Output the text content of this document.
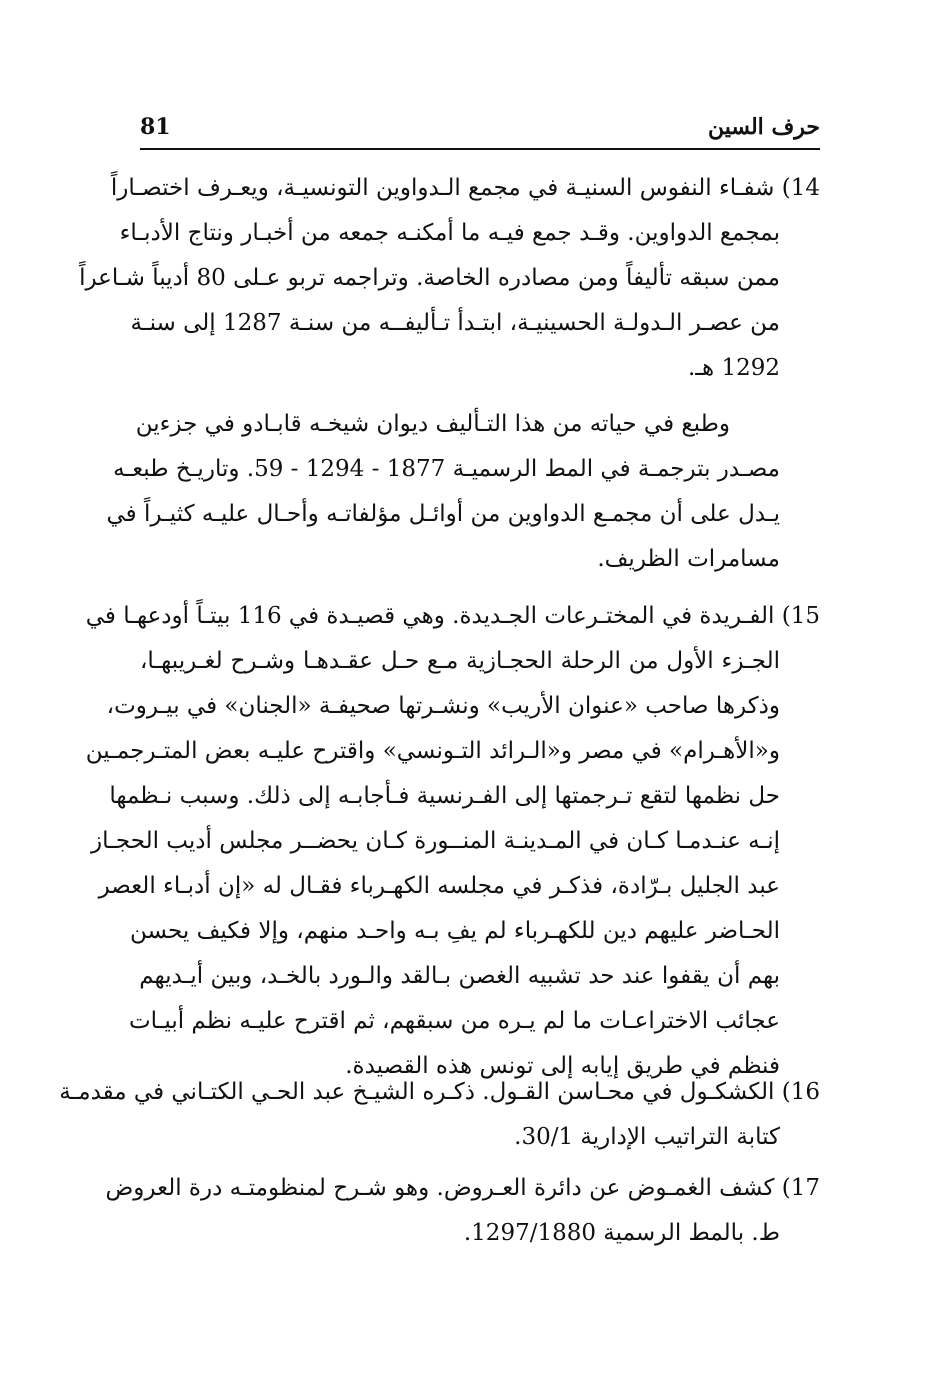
81	حرف السين
14) شفـاء النفوس السنيـة في مجمع الـدواوين التونسيـة، ويعـرف اختصـاراً
بمجمع الدواوين. وقـد جمع فيـه ما أمكنـه جمعه من أخبـار ونتاج الأدبـاء
ممن سبقه تأليفاً ومن مصادره الخاصة. وتراجمه تربو عـلى 80 أديباً شـاعراً
من عصـر الـدولـة الحسينيـة، ابتـدأ تـأليفــه من سنـة 1287 إلى سنـة
1292 هـ.
وطبع في حياته من هذا التـأليف ديوان شيخـه قابـادو في جزءين
مصـدر بترجمـة في المط الرسميـة 1877 - 1294 - 59. وتاريـخ طبعـه
يـدل على أن مجمـع الدواوين من أوائـل مؤلفاتـه وأحـال عليـه كثيـراً في
مسامرات الظريف.
15) الفـريدة في المختـرعات الجـديدة. وهي قصيـدة في 116 بيتـاً أودعهـا في
الجـزء الأول من الرحلة الحجـازية مـع حـل عقـدهـا وشـرح لغـريبهـا،
وذكرها صاحب «عنوان الأريب» ونشـرتها صحيفـة «الجنان» في بيـروت،
و«الأهـرام» في مصر و«الـرائد التـونسي» واقترح عليـه بعض المتـرجمـين
حل نظمها لتقع تـرجمتها إلى الفـرنسية فـأجابـه إلى ذلك. وسبب نـظمها
إنـه عنـدمـا كـان في المـدينـة المنــورة كـان يحضــر مجلس أديب الحجـاز
عبد الجليل بـرّادة، فذكـر في مجلسه الكهـرباء فقـال له «إن أدبـاء العصر
الحـاضر عليهم دين للكهـرباء لم يفِ بـه واحـد منهم، وإلا فكيف يحسن
بهم أن يقفوا عند حد تشبيه الغصن بـالقد والـورد بالخـد، وبين أيـديهم
عجائب الاختراعـات ما لم يـره من سبقهم، ثم اقترح عليـه نظم أبيـات
فنظم في طريق إيابه إلى تونس هذه القصيدة.
16) الكشكـول في محـاسن القـول. ذكـره الشيـخ عبد الحـي الكتـاني في مقدمـة
كتابة التراتيب الإدارية 30/1.
17) كشف الغمـوض عن دائرة العـروض. وهو شـرح لمنظومتـه درة العروض
ط. بالمط الرسمية 1297/1880.
